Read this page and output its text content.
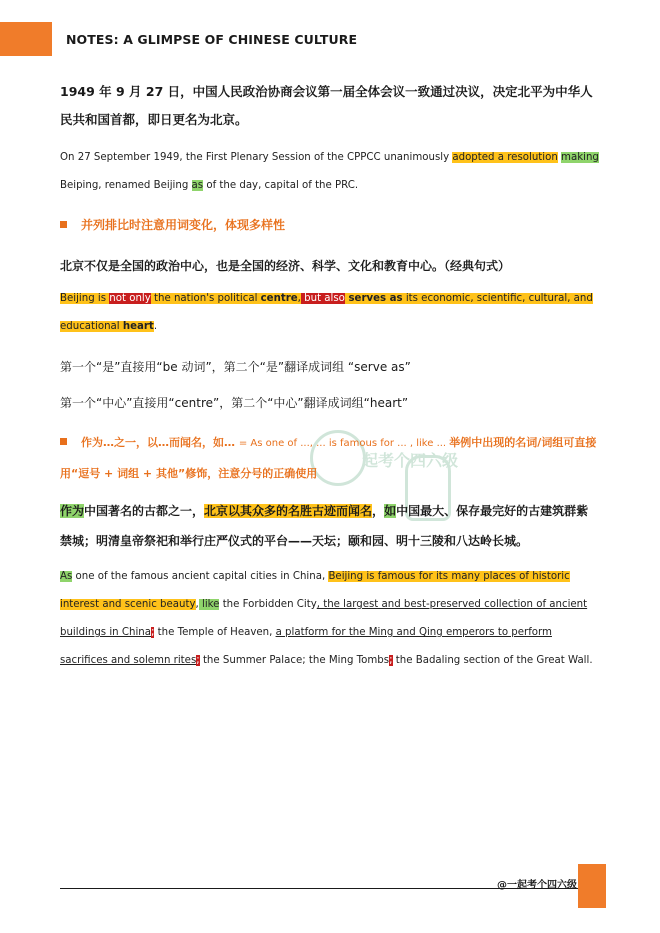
NOTES: A GLIMPSE OF CHINESE CULTURE
1949 年 9 月 27 日，中国人民政治协商会议第一届全体会议一致通过决议，决定北平为中华人民共和国首都，即日更名为北京。
On 27 September 1949, the First Plenary Session of the CPPCC unanimously adopted a resolution making Beiping, renamed Beijing as of the day, capital of the PRC.
并列排比时注意用词变化，体现多样性
北京不仅是全国的政治中心，也是全国的经济、科学、文化和教育中心。（经典句式）
Beijing is not only the nation's political centre, but also serves as its economic, scientific, cultural, and educational heart.
第一个“是”直接用“be 动词”，第二个“是”翻译成词组 “serve as”
第一个“中心”直接用“centre”，第二个“中心”翻译成词组“heart”
起考个四六级
作为…之一，以…而闻名，如… = As one of ..., ... is famous for ... , like ... 举例中出现的名词/词组可直接用“逗号 + 词组 + 其他”修饰，注意分号的正确使用
作为中国著名的古都之一，北京以其众多的名胜古迹而闻名，如中国最大、保存最完好的古建筑群紫禁城；明清皇帝祭祀和举行庄严仪式的平台——天坛；颐和园、明十三陵和八达岭长城。
As one of the famous ancient capital cities in China, Beijing is famous for its many places of historic interest and scenic beauty, like the Forbidden City, the largest and best-preserved collection of ancient buildings in China; the Temple of Heaven, a platform for the Ming and Qing emperors to perform sacrifices and solemn rites; the Summer Palace; the Ming Tombs; the Badaling section of the Great Wall.
@一起考个四六级
